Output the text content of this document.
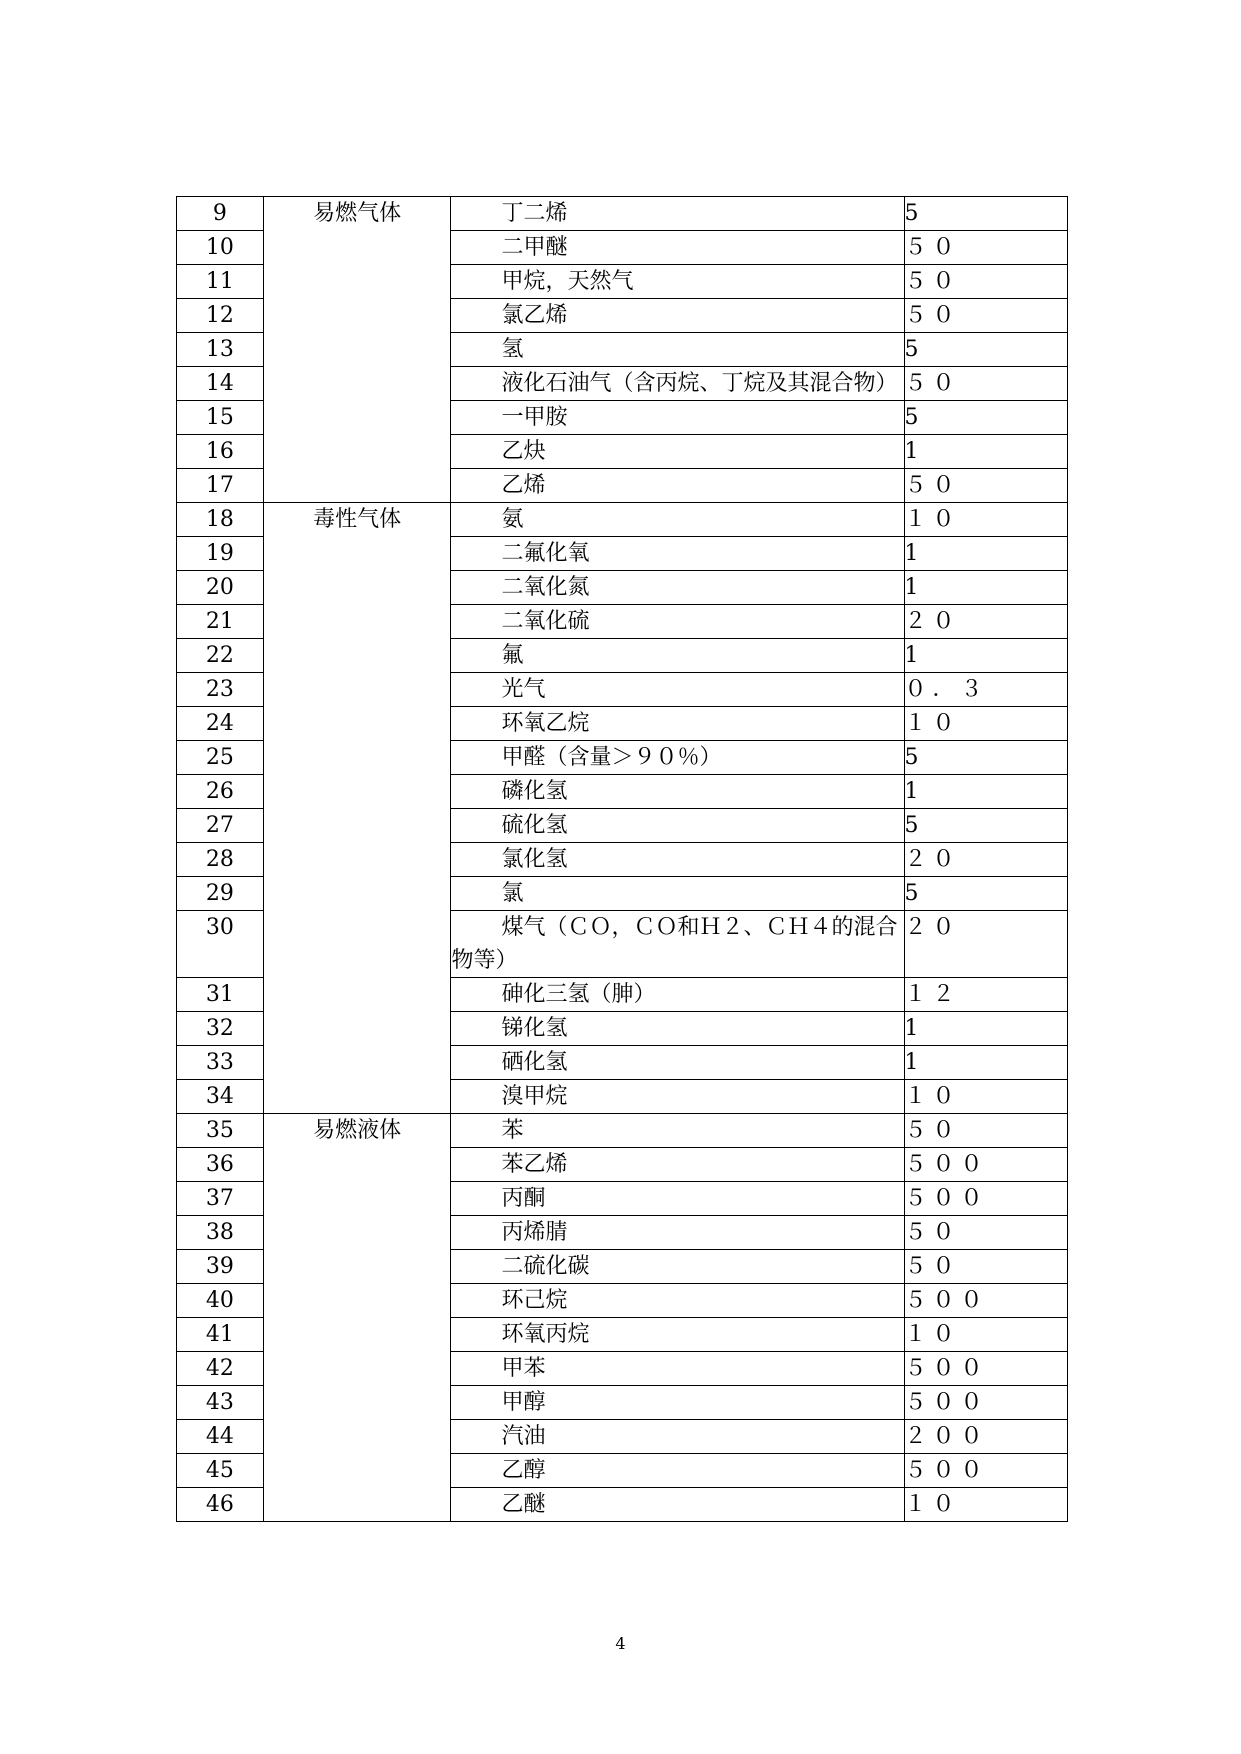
9	易燃气体	丁二烯	5
10		二甲醚	５０
11		甲烷，天然气	５０
12		氯乙烯	５０
13		氢	5
14		液化石油气（含丙烷、丁烷及其混合物）	５０
15		一甲胺	5
16		乙炔	1
17		乙烯	５０
18	毒性气体	氨	１０
19		二氟化氧	1
20		二氧化氮	1
21		二氧化硫	２０
22		氟	1
23		光气	０．３
24		环氧乙烷	１０
25		甲醛（含量＞９０％）	5
26		磷化氢	1
27		硫化氢	5
28		氯化氢	２０
29		氯	5
30		煤气（ＣＯ，ＣＯ和Ｈ２、ＣＨ４的混合物等）	２０
31		砷化三氢（胂）	１２
32		锑化氢	1
33		硒化氢	1
34		溴甲烷	１０
35	易燃液体	苯	５０
36		苯乙烯	５００
37		丙酮	５００
38		丙烯腈	５０
39		二硫化碳	５０
40		环己烷	５００
41		环氧丙烷	１０
42		甲苯	５００
43		甲醇	５００
44		汽油	２００
45		乙醇	５００
46		乙醚	１０
4
